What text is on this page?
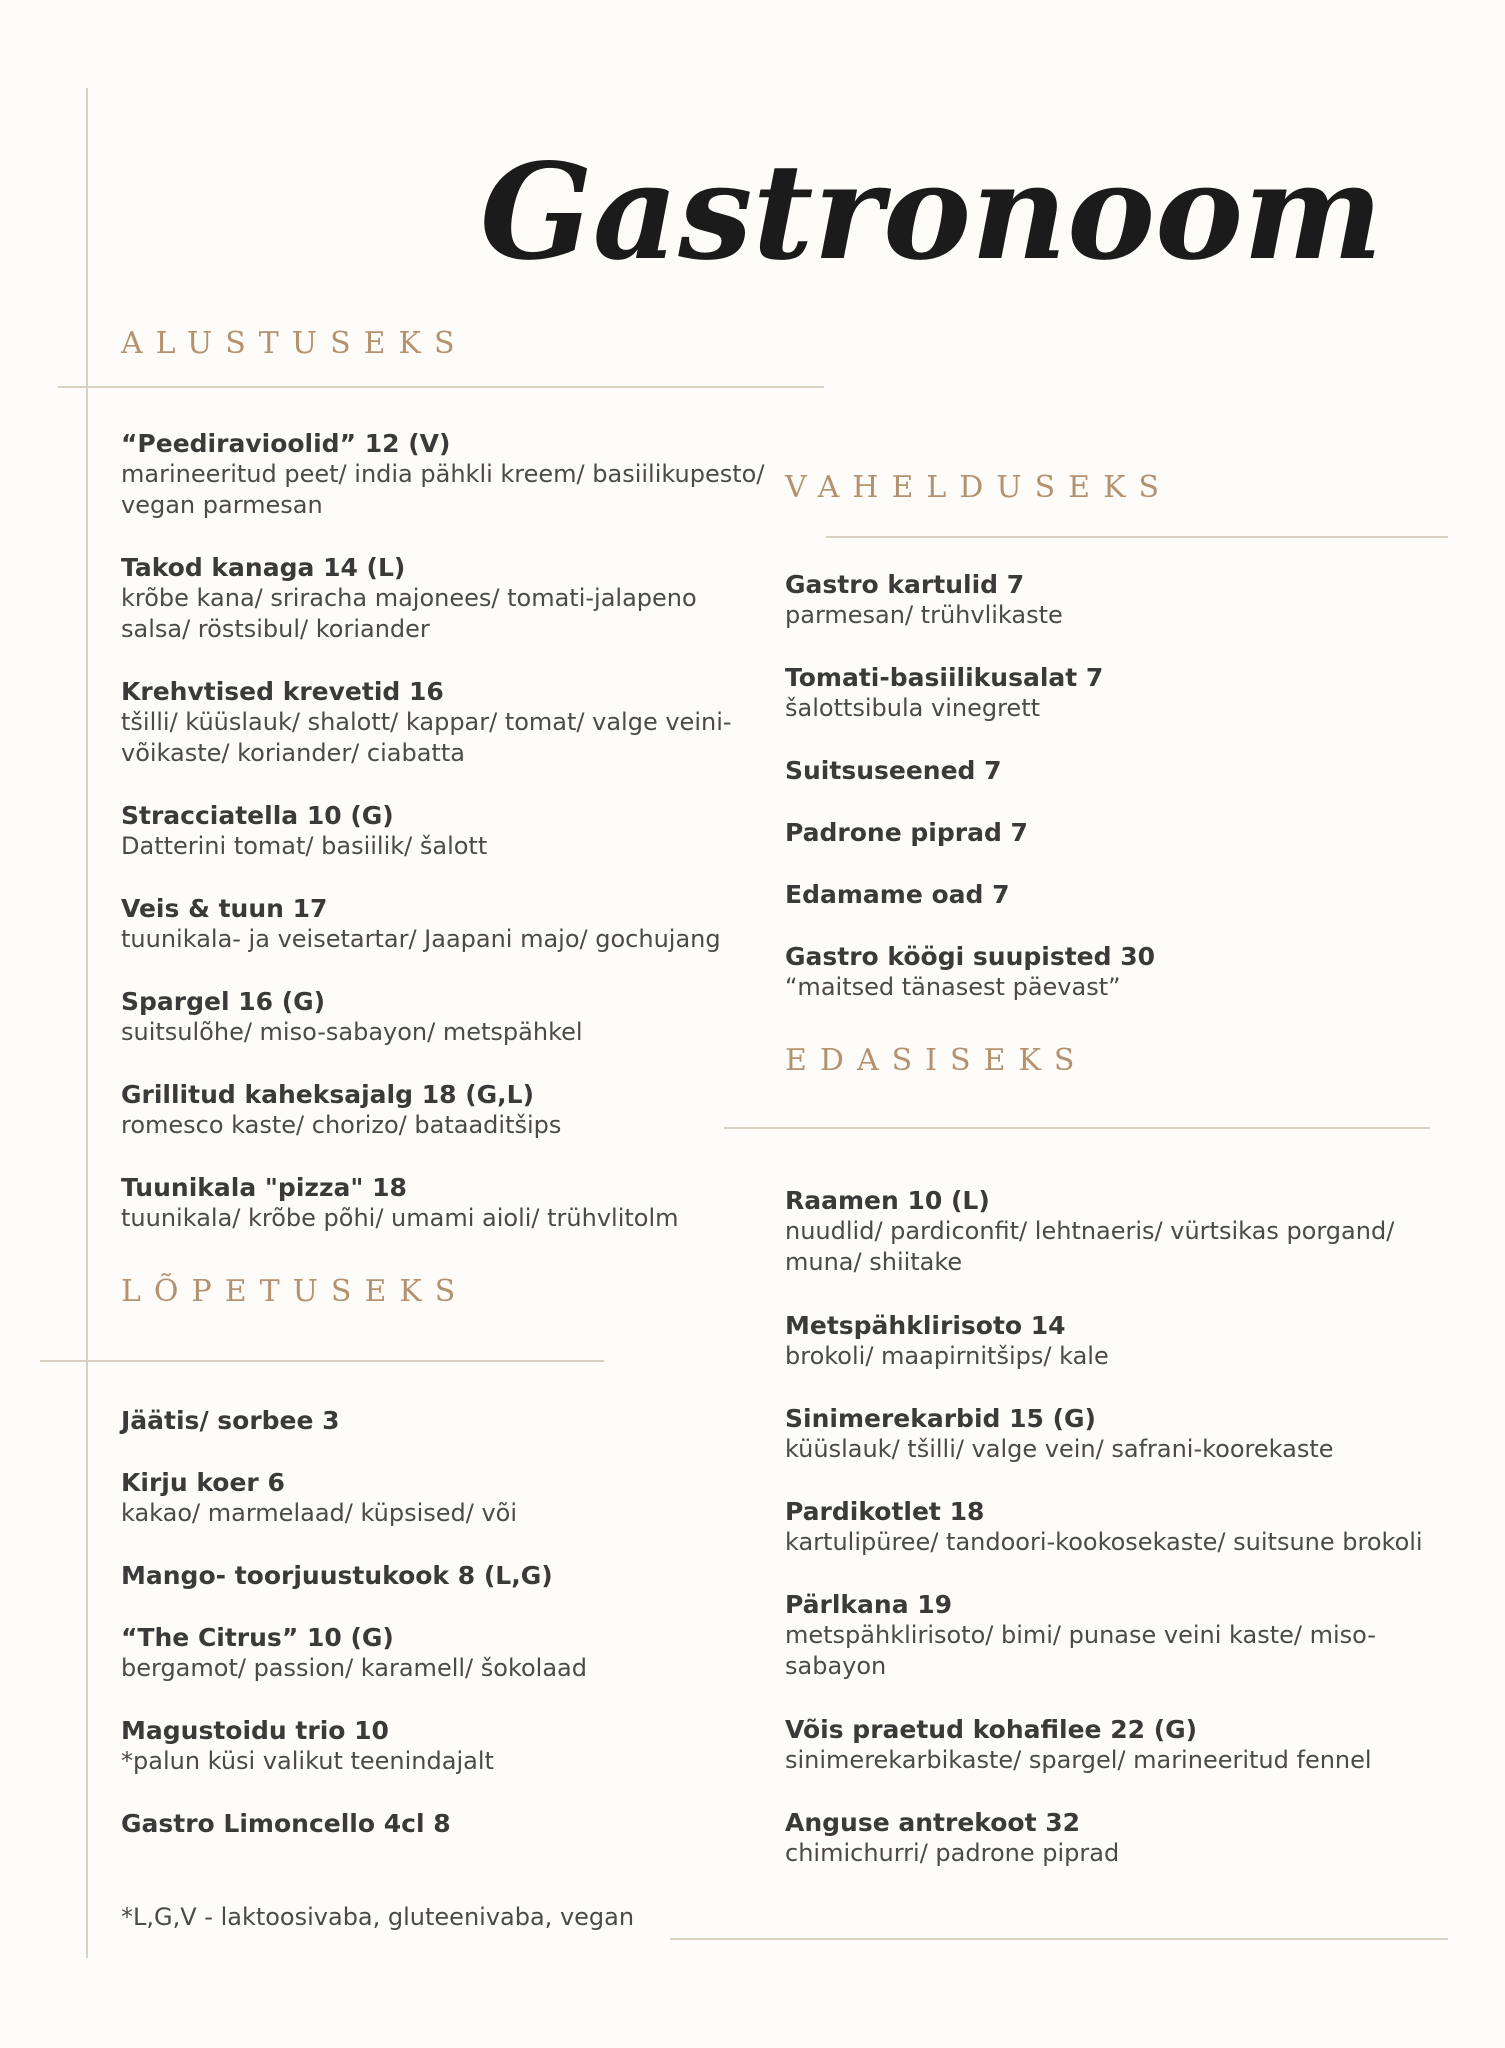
Gastronoom
ALUSTUSEKS
VAHELDUSEKS
EDASISEKS
LÕPETUSEKS
“Peediravioolid” 12 (V)
marineeritud peet/ india pähkli kreem/ basiilikupesto/
vegan parmesan
Takod kanaga 14 (L)
krõbe kana/ sriracha majonees/ tomati-jalapeno
salsa/ röstsibul/ koriander
Krehvtised krevetid 16
tšilli/ küüslauk/ shalott/ kappar/ tomat/ valge veini-
võikaste/ koriander/ ciabatta
Stracciatella 10 (G)
Datterini tomat/ basiilik/ šalott
Veis & tuun 17
tuunikala- ja veisetartar/ Jaapani majo/ gochujang
Spargel 16 (G)
suitsulõhe/ miso-sabayon/ metspähkel
Grillitud kaheksajalg 18 (G,L)
romesco kaste/ chorizo/ bataaditšips
Tuunikala "pizza" 18
tuunikala/ krõbe põhi/ umami aioli/ trühvlitolm
Jäätis/ sorbee 3
Kirju koer 6
kakao/ marmelaad/ küpsised/ või
Mango- toorjuustukook 8 (L,G)
“The Citrus” 10 (G)
bergamot/ passion/ karamell/ šokolaad
Magustoidu trio 10
*palun küsi valikut teenindajalt
Gastro Limoncello 4cl 8
Gastro kartulid 7
parmesan/ trühvlikaste
Tomati-basiilikusalat 7
šalottsibula vinegrett
Suitsuseened 7
Padrone piprad 7
Edamame oad 7
Gastro köögi suupisted 30
“maitsed tänasest päevast”
Raamen 10 (L)
nuudlid/ pardiconfit/ lehtnaeris/ vürtsikas porgand/
muna/ shiitake
Metspähklirisoto 14
brokoli/ maapirnitšips/ kale
Sinimerekarbid 15 (G)
küüslauk/ tšilli/ valge vein/ safrani-koorekaste
Pardikotlet 18
kartulipüree/ tandoori-kookosekaste/ suitsune brokoli
Pärlkana 19
metspähklirisoto/ bimi/ punase veini kaste/ miso-
sabayon
Võis praetud kohafilee 22 (G)
sinimerekarbikaste/ spargel/ marineeritud fennel
Anguse antrekoot 32
chimichurri/ padrone piprad
*L,G,V - laktoosivaba, gluteenivaba, vegan
